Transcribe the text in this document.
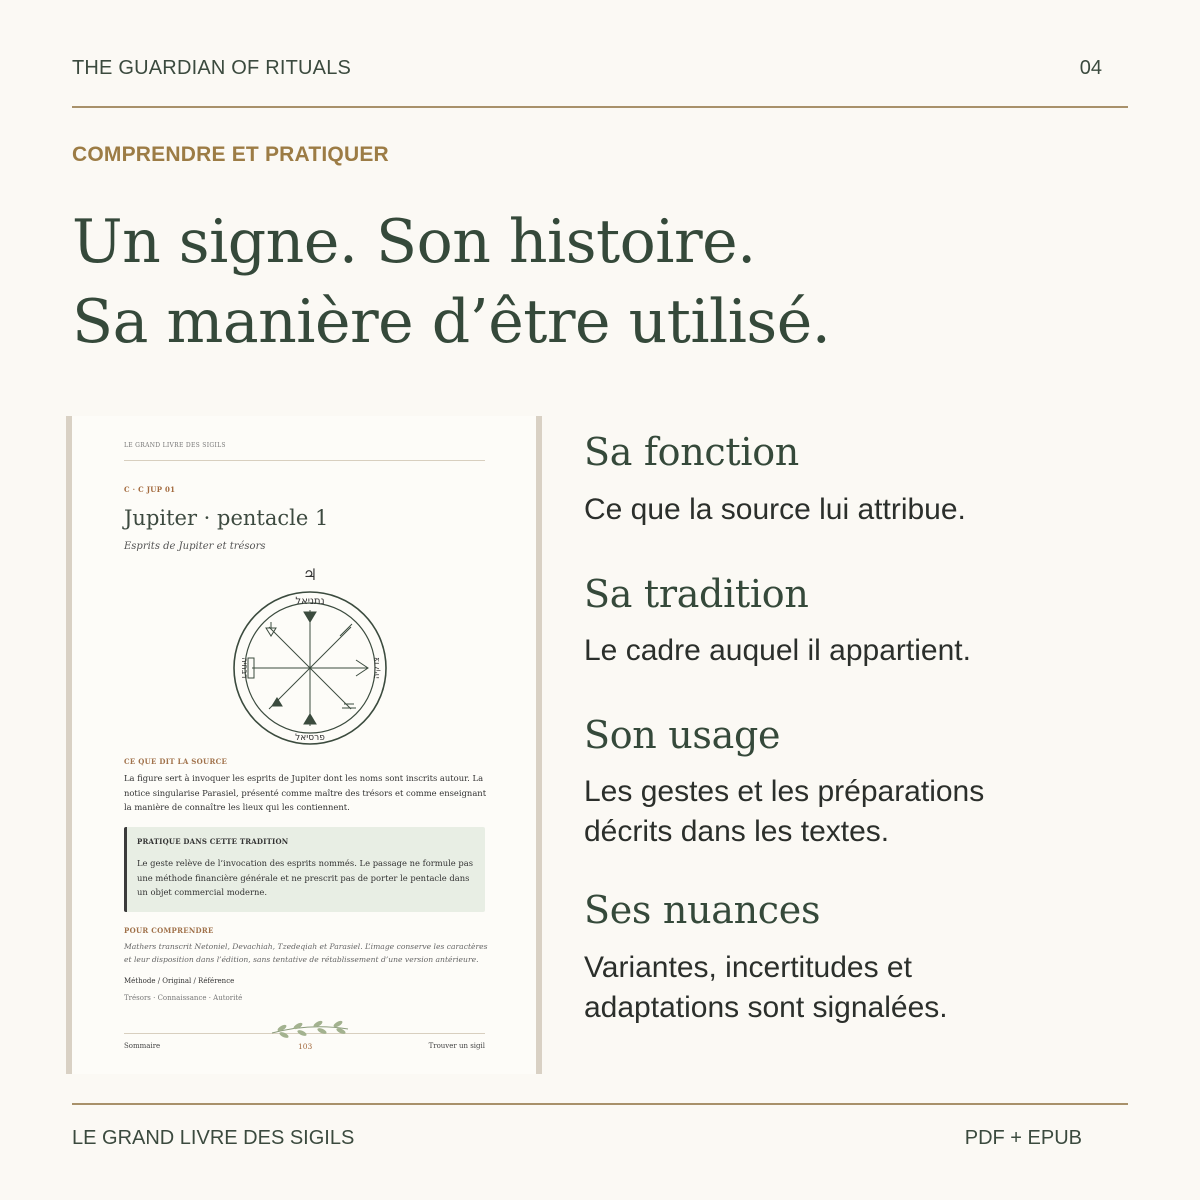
THE GUARDIAN OF RITUALS	04
COMPRENDRE ET PRATIQUER
Un signe. Son histoire.
Sa manière d’être utilisé.
LE GRAND LIVRE DES SIGILS
C · C JUP 01
Jupiter · pentacle 1
Esprits de Jupiter et trésors
♃
נתניאל
פרסיאל
דבחיה	צדקיה
CE QUE DIT LA SOURCE
La figure sert à invoquer les esprits de Jupiter dont les noms sont inscrits autour. La notice singularise Parasiel, présenté comme maître des trésors et comme enseignant la manière de connaître les lieux qui les contiennent.
PRATIQUE DANS CETTE TRADITION
Le geste relève de l’invocation des esprits nommés. Le passage ne formule pas une méthode financière générale et ne prescrit pas de porter le pentacle dans un objet commercial moderne.
POUR COMPRENDRE
Mathers transcrit Netoniel, Devachiah, Tzedeqiah et Parasiel. L’image conserve les caractères et leur disposition dans l’édition, sans tentative de rétablissement d’une version antérieure.
Méthode / Original / Référence
Trésors · Connaissance · Autorité
Sommaire	103	Trouver un sigil
Sa fonction

Ce que la source lui attribue.

Sa tradition

Le cadre auquel il appartient.

Son usage

Les gestes et les préparations
décrits dans les textes.

Ses nuances

Variantes, incertitudes et
adaptations sont signalées.

LE GRAND LIVRE DES SIGILS	PDF + EPUB
